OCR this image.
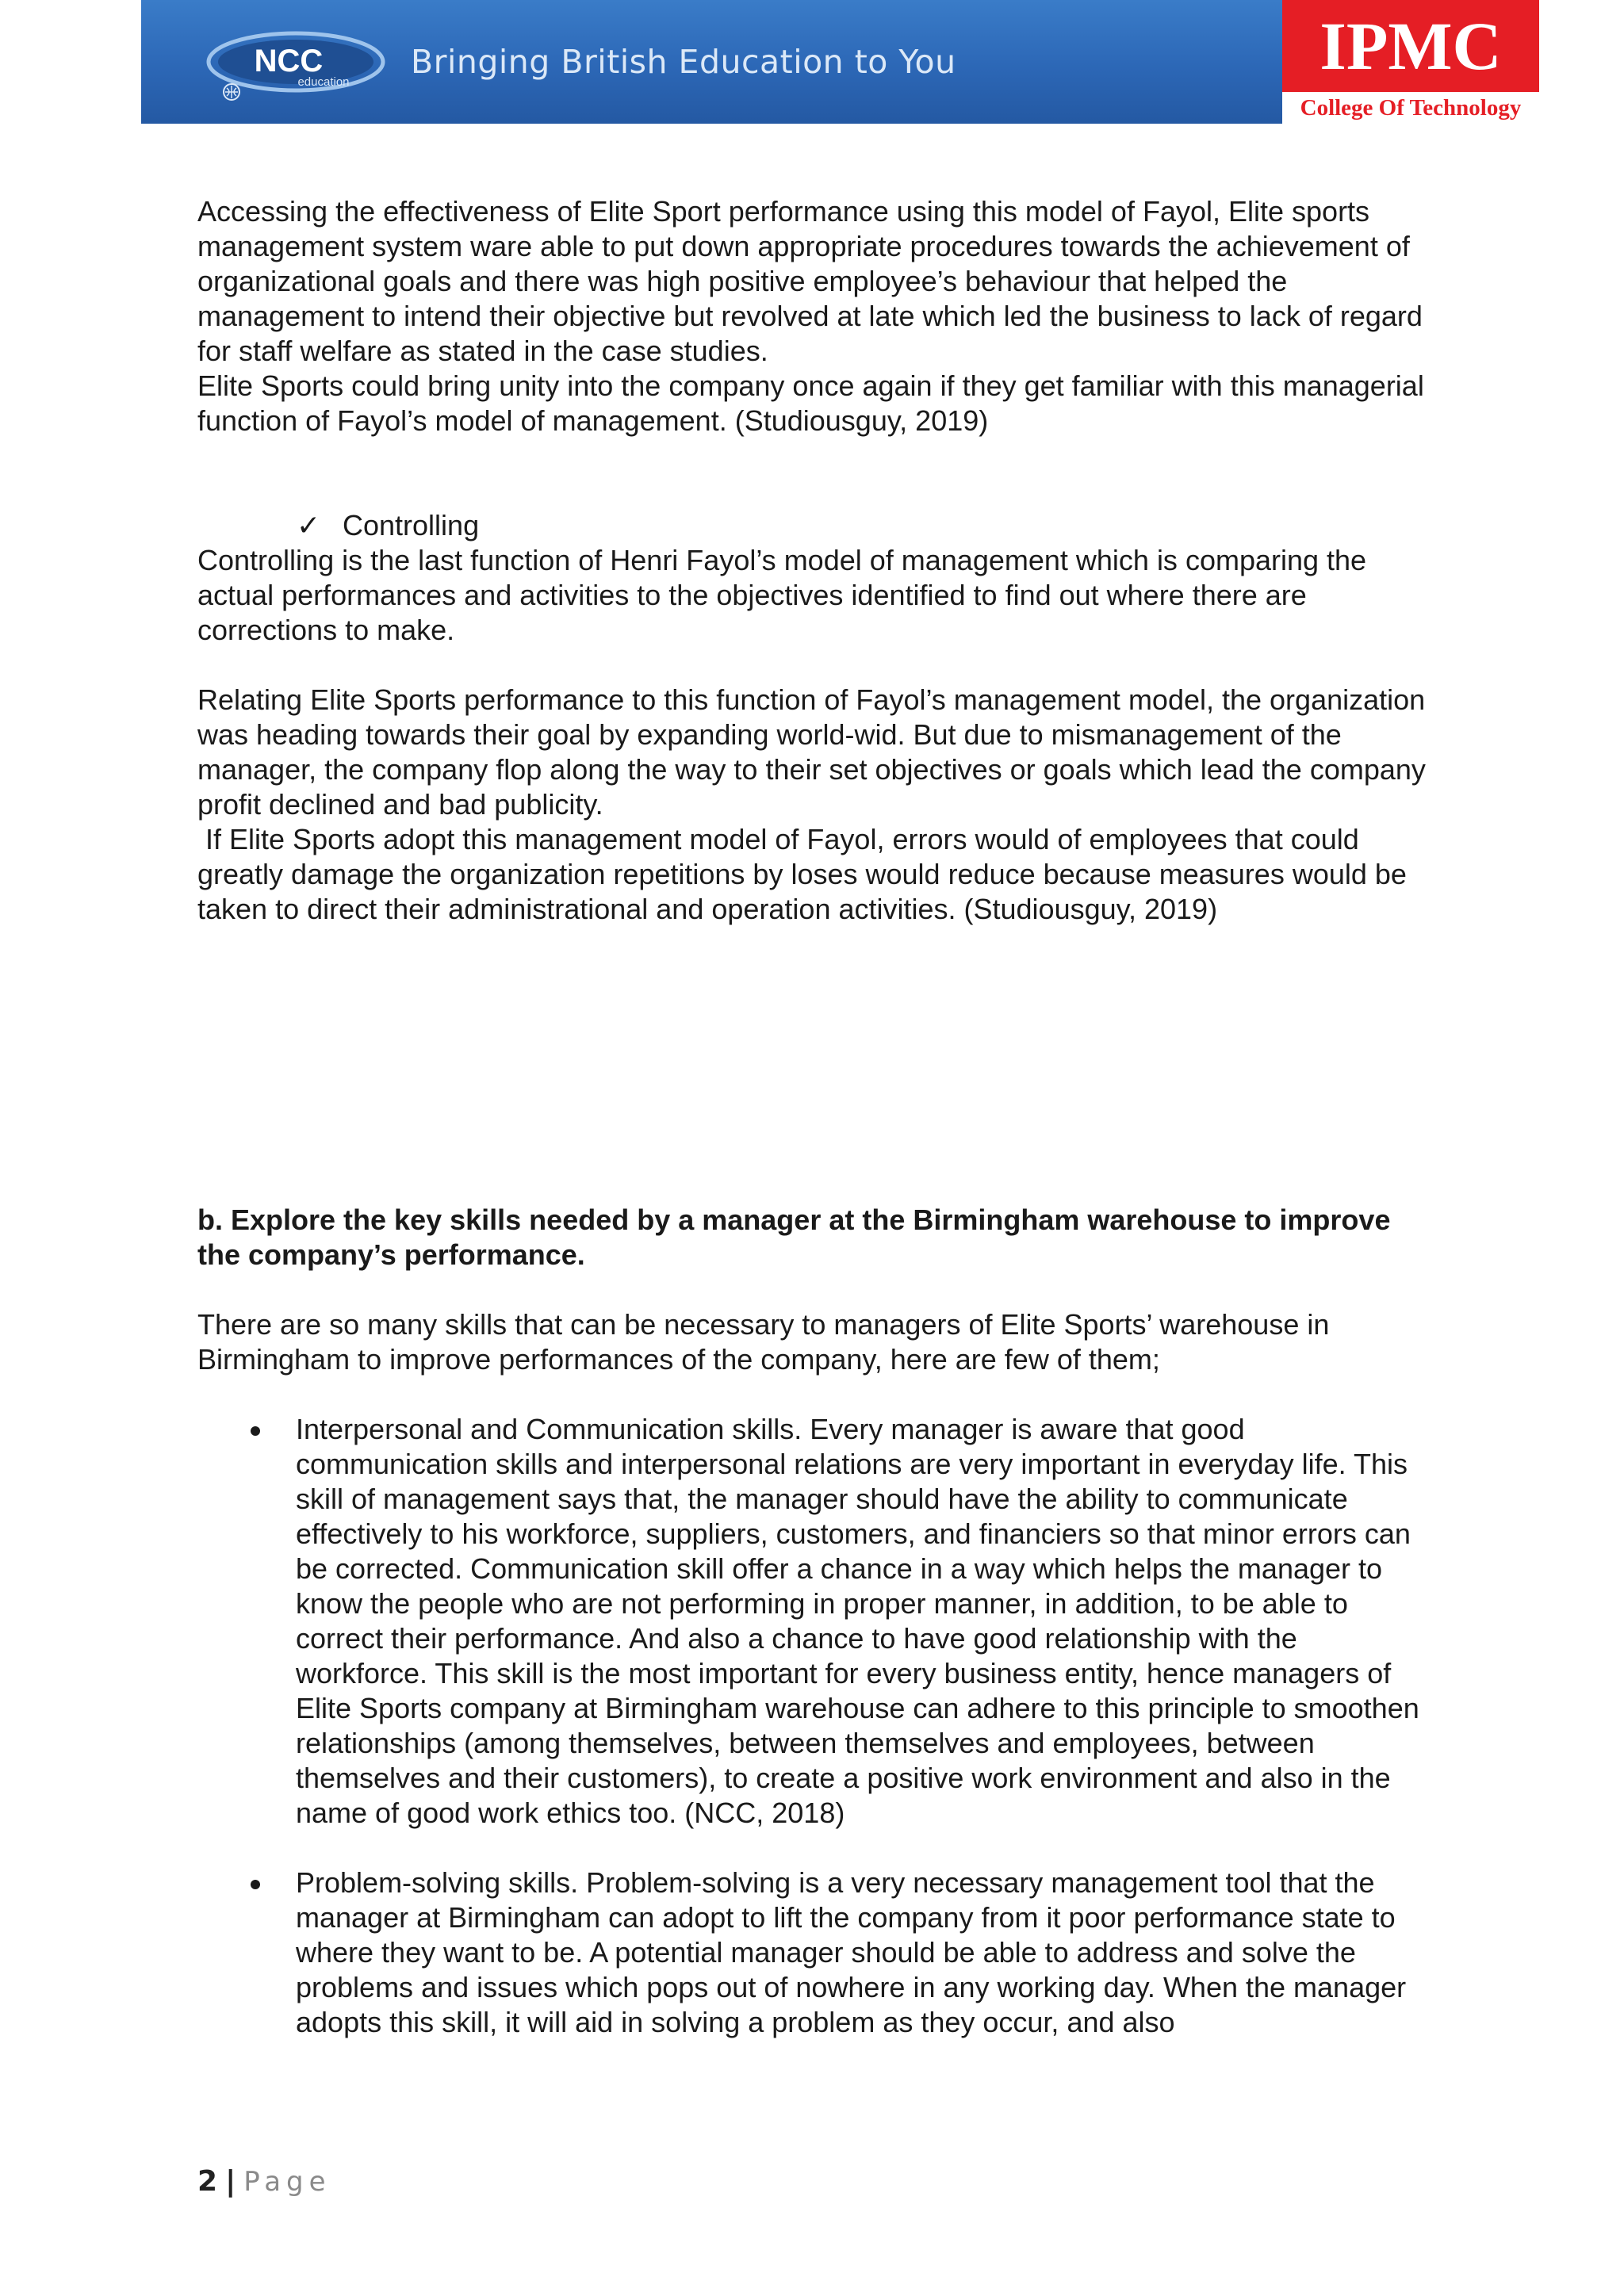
NCC
education
Bringing British Education to You	IPMC
College Of Technology

Accessing the effectiveness of Elite Sport performance using this model of Fayol, Elite sports management system ware able to put down appropriate procedures towards the achievement of organizational goals and there was high positive employee’s behaviour that helped the management to intend their objective but revolved at late which led the business to lack of regard for staff welfare as stated in the case studies.

Elite Sports could bring unity into the company once again if they get familiar with this managerial function of Fayol’s model of management. (Studiousguy, 2019)

✓ Controlling

Controlling is the last function of Henri Fayol’s model of management which is comparing the actual performances and activities to the objectives identified to find out where there are corrections to make.

Relating Elite Sports performance to this function of Fayol’s management model, the organization was heading towards their goal by expanding world-wid. But due to mismanagement of the manager, the company flop along the way to their set objectives or goals which lead the company profit declined and bad publicity.

If Elite Sports adopt this management model of Fayol, errors would of employees that could greatly damage the organization repetitions by loses would reduce because measures would be taken to direct their administrational and operation activities. (Studiousguy, 2019)

b. Explore the key skills needed by a manager at the Birmingham warehouse to improve the company’s performance.

There are so many skills that can be necessary to managers of Elite Sports’ warehouse in Birmingham to improve performances of the company, here are few of them;

Interpersonal and Communication skills. Every manager is aware that good communication skills and interpersonal relations are very important in everyday life. This skill of management says that, the manager should have the ability to communicate effectively to his workforce, suppliers, customers, and financiers so that minor errors can be corrected. Communication skill offer a chance in a way which helps the manager to know the people who are not performing in proper manner, in addition, to be able to correct their performance. And also a chance to have good relationship with the workforce. This skill is the most important for every business entity, hence managers of Elite Sports company at Birmingham warehouse can adhere to this principle to smoothen relationships (among themselves, between themselves and employees, between themselves and their customers), to create a positive work environment and also in the name of good work ethics too. (NCC, 2018)
Problem-solving skills. Problem-solving is a very necessary management tool that the manager at Birmingham can adopt to lift the company from it poor performance state to where they want to be. A potential manager should be able to address and solve the problems and issues which pops out of nowhere in any working day. When the manager adopts this skill, it will aid in solving a problem as they occur, and also
2 | Page
